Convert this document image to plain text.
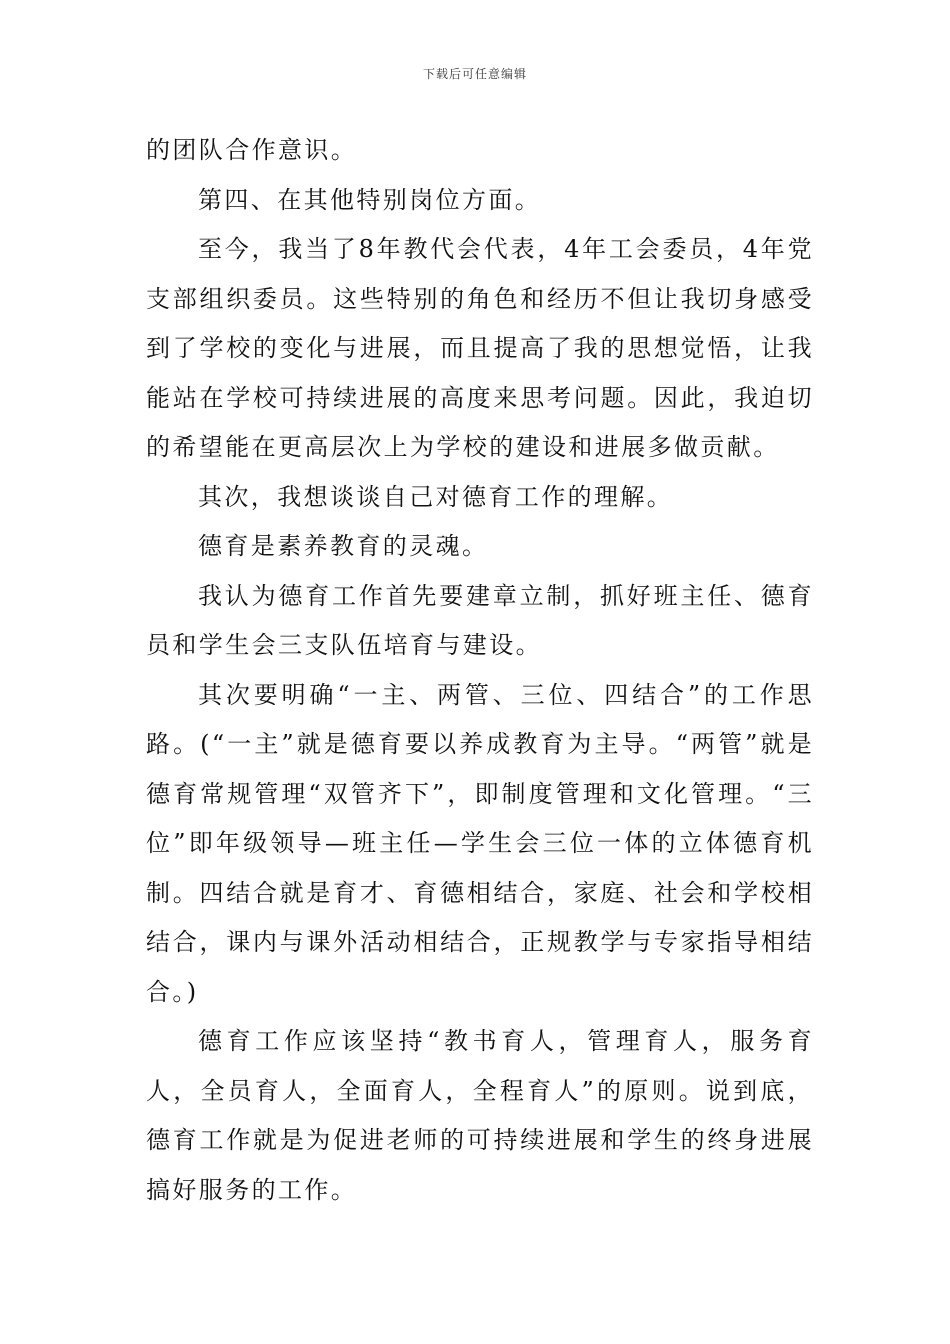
下载后可任意编辑

的团队合作意识。

第四、在其他特别岗位方面。

至今，我当了8年教代会代表，4年工会委员，4年党支部组织委员。这些特别的角色和经历不但让我切身感受到了学校的变化与进展，而且提高了我的思想觉悟，让我能站在学校可持续进展的高度来思考问题。因此，我迫切的希望能在更高层次上为学校的建设和进展多做贡献。

其次，我想谈谈自己对德育工作的理解。

德育是素养教育的灵魂。

我认为德育工作首先要建章立制，抓好班主任、德育员和学生会三支队伍培育与建设。

其次要明确“一主、两管、三位、四结合”的工作思路。(“一主”就是德育要以养成教育为主导。“两管”就是德育常规管理“双管齐下”，即制度管理和文化管理。“三位”即年级领导—班主任—学生会三位一体的立体德育机制。四结合就是育才、育德相结合，家庭、社会和学校相结合，课内与课外活动相结合，正规教学与专家指导相结合。)

德育工作应该坚持“教书育人，管理育人，服务育人，全员育人，全面育人，全程育人”的原则。说到底，德育工作就是为促进老师的可持续进展和学生的终身进展搞好服务的工作。
